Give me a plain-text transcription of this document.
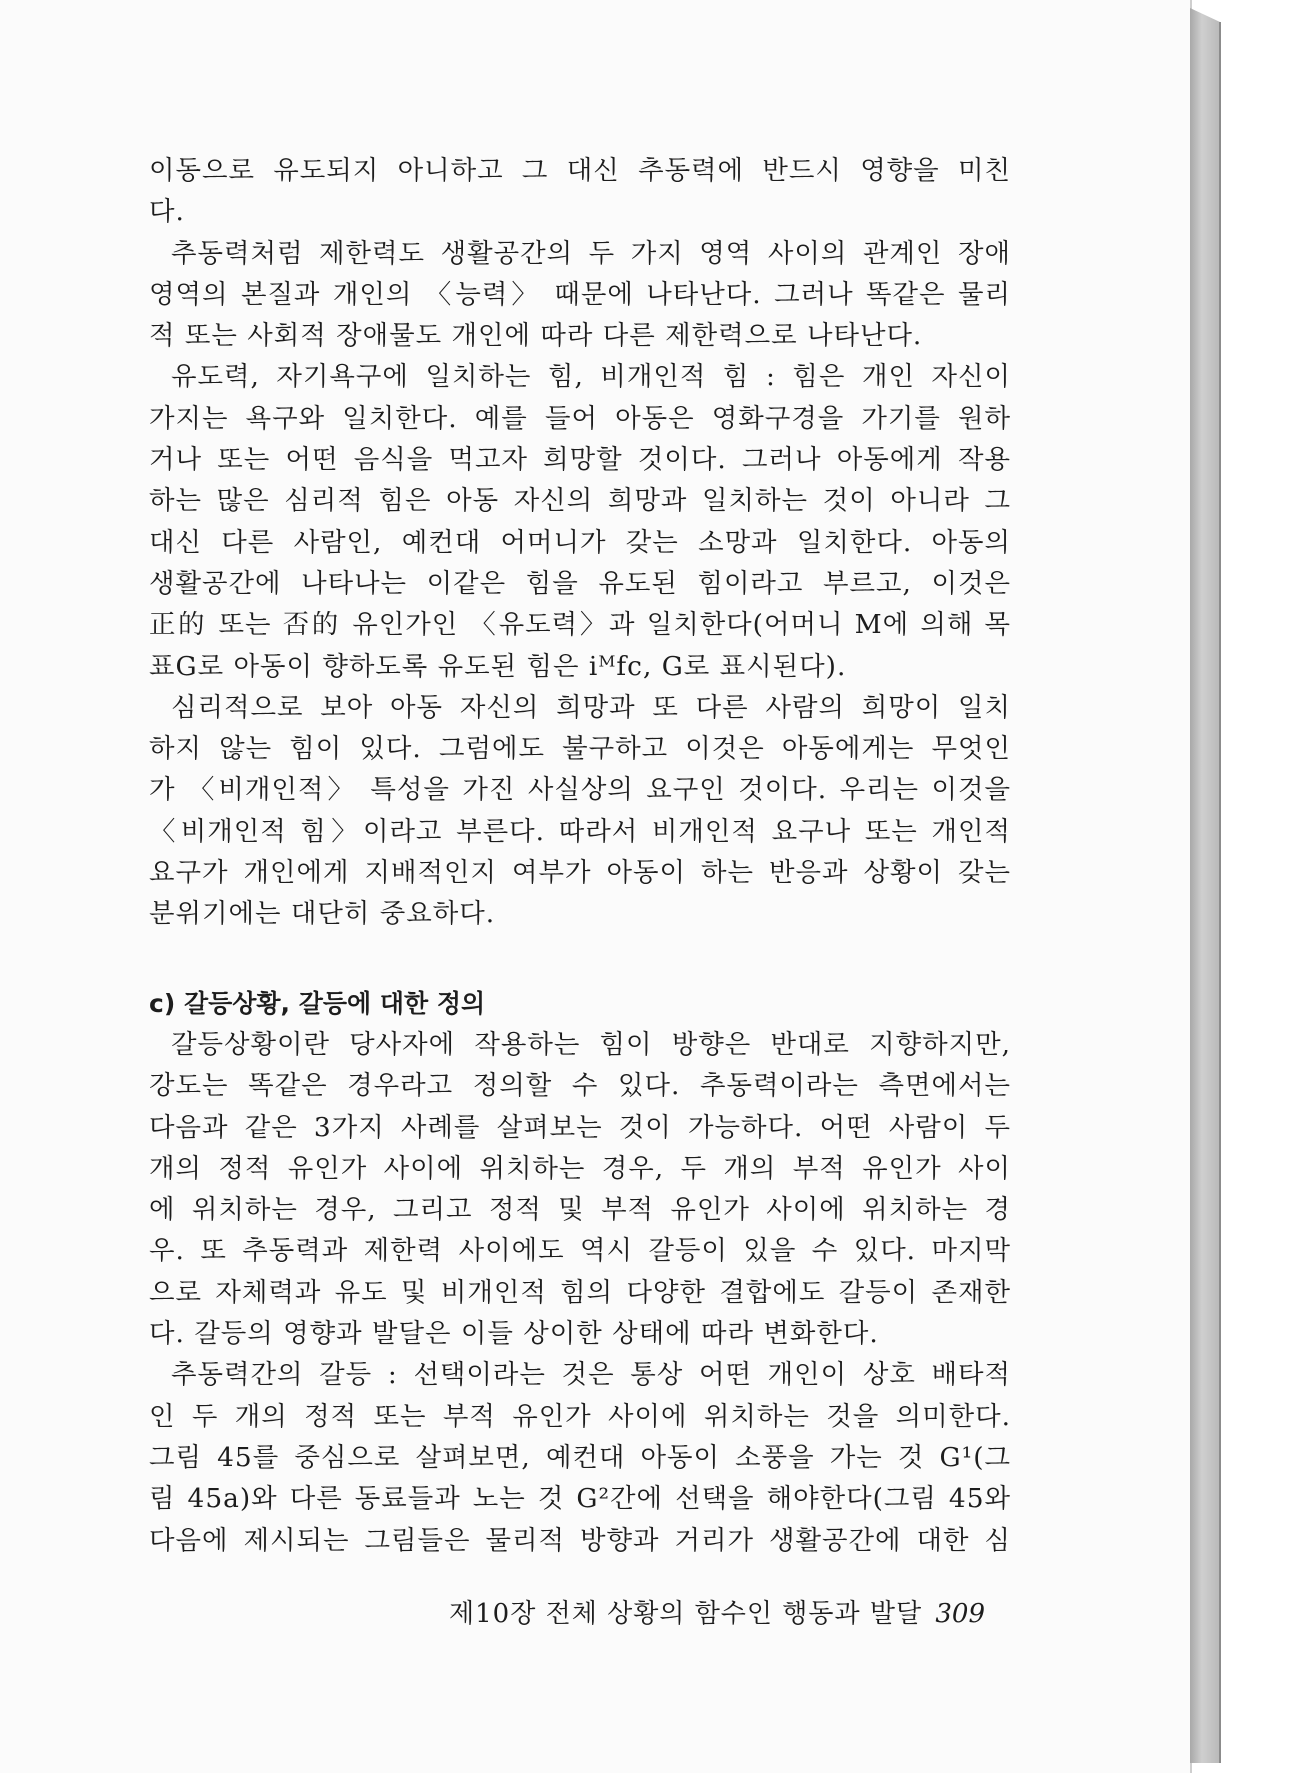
이동으로 유도되지 아니하고 그 대신 추동력에 반드시 영향을 미친
다.
추동력처럼 제한력도 생활공간의 두 가지 영역 사이의 관계인 장애
영역의 본질과 개인의 〈능력〉 때문에 나타난다. 그러나 똑같은 물리
적 또는 사회적 장애물도 개인에 따라 다른 제한력으로 나타난다.
유도력, 자기욕구에 일치하는 힘, 비개인적 힘 : 힘은 개인 자신이
가지는 욕구와 일치한다. 예를 들어 아동은 영화구경을 가기를 원하
거나 또는 어떤 음식을 먹고자 희망할 것이다. 그러나 아동에게 작용
하는 많은 심리적 힘은 아동 자신의 희망과 일치하는 것이 아니라 그
대신 다른 사람인, 예컨대 어머니가 갖는 소망과 일치한다. 아동의
생활공간에 나타나는 이같은 힘을 유도된 힘이라고 부르고, 이것은
正的 또는 否的 유인가인 〈유도력〉과 일치한다(어머니 M에 의해 목
표G로 아동이 향하도록 유도된 힘은 iᴹfc, G로 표시된다).
심리적으로 보아 아동 자신의 희망과 또 다른 사람의 희망이 일치
하지 않는 힘이 있다. 그럼에도 불구하고 이것은 아동에게는 무엇인
가 〈비개인적〉 특성을 가진 사실상의 요구인 것이다. 우리는 이것을
〈비개인적 힘〉이라고 부른다. 따라서 비개인적 요구나 또는 개인적
요구가 개인에게 지배적인지 여부가 아동이 하는 반응과 상황이 갖는
분위기에는 대단히 중요하다.
c) 갈등상황, 갈등에 대한 정의
갈등상황이란 당사자에 작용하는 힘이 방향은 반대로 지향하지만,
강도는 똑같은 경우라고 정의할 수 있다. 추동력이라는 측면에서는
다음과 같은 3가지 사례를 살펴보는 것이 가능하다. 어떤 사람이 두
개의 정적 유인가 사이에 위치하는 경우, 두 개의 부적 유인가 사이
에 위치하는 경우, 그리고 정적 및 부적 유인가 사이에 위치하는 경
우. 또 추동력과 제한력 사이에도 역시 갈등이 있을 수 있다. 마지막
으로 자체력과 유도 및 비개인적 힘의 다양한 결합에도 갈등이 존재한
다. 갈등의 영향과 발달은 이들 상이한 상태에 따라 변화한다.
추동력간의 갈등 : 선택이라는 것은 통상 어떤 개인이 상호 배타적
인 두 개의 정적 또는 부적 유인가 사이에 위치하는 것을 의미한다.
그림 45를 중심으로 살펴보면, 예컨대 아동이 소풍을 가는 것 G¹(그
림 45a)와 다른 동료들과 노는 것 G²간에 선택을 해야한다(그림 45와
다음에 제시되는 그림들은 물리적 방향과 거리가 생활공간에 대한 심
제10장 전체 상황의 함수인 행동과 발달 309
